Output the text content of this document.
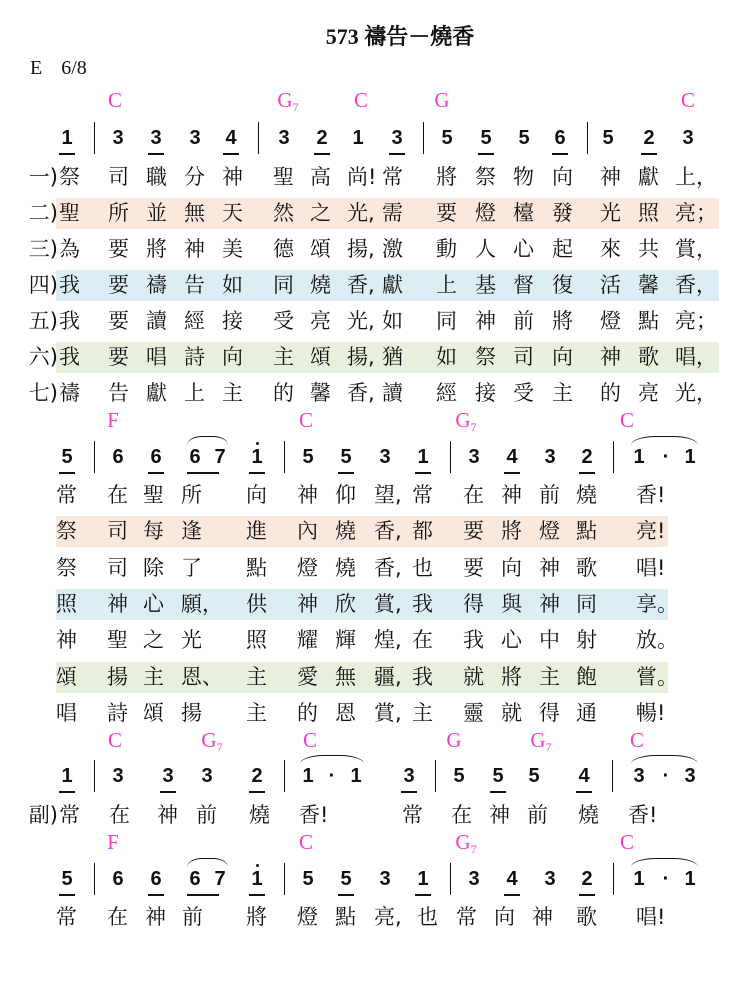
573 禱告－燒香
E 6/8
C	$G_7$	C	G	C
1 3 3 3 4 3 2 1 3 5 5 5 6 5 2 3
一) 祭 司 職 分 神 聖 高 尚! 常 將 祭 物 向 神 獻 上，
二) 聖 所 並 無 天 然 之 光, 需 要 燈 檯 發 光 照 亮；
三) 為 要 將 神 美 德 頌 揚, 激 動 人 心 起 來 共 賞，
四) 我 要 禱 告 如 同 燒 香, 獻 上 基 督 復 活 馨 香，
五) 我 要 讀 經 接 受 亮 光, 如 同 神 前 將 燈 點 亮；
六) 我 要 唱 詩 向 主 頌 揚, 猶 如 祭 司 向 神 歌 唱，
七) 禱 告 獻 上 主 的 馨 香, 讀 經 接 受 主 的 亮 光，
F	C	$G_7$	C
5 6 6 6 7 1 5 5 3 1 3 4 3 2 1 · 1
常 在 聖 所 向 神 仰 望, 常 在 神 前 燒 香!
祭 司 每 逢 進 內 燒 香, 都 要 將 燈 點 亮!
祭 司 除 了 點 燈 燒 香, 也 要 向 神 歌 唱!
照 神 心 願， 供 神 欣 賞, 我 得 與 神 同 享。
神 聖 之 光 照 耀 輝 煌, 在 我 心 中 射 放。
頌 揚 主 恩、 主 愛 無 疆, 我 就 將 主 飽 嘗。
唱 詩 頌 揚 主 的 恩 賞, 主 靈 就 得 通 暢!
C	$G_7$	C	G	$G_7$	C
1 3 3 3 2 1 · 1 3 5 5 5 4 3 · 3
副) 常 在 神 前 燒 香!	常 在 神 前 燒 香!
F	C	$G_7$	C
5 6 6 6 7 1 5 5 3 1 3 4 3 2 1 · 1
常 在 神 前 將 燈 點 亮, 也 常 向 神 歌 唱!
